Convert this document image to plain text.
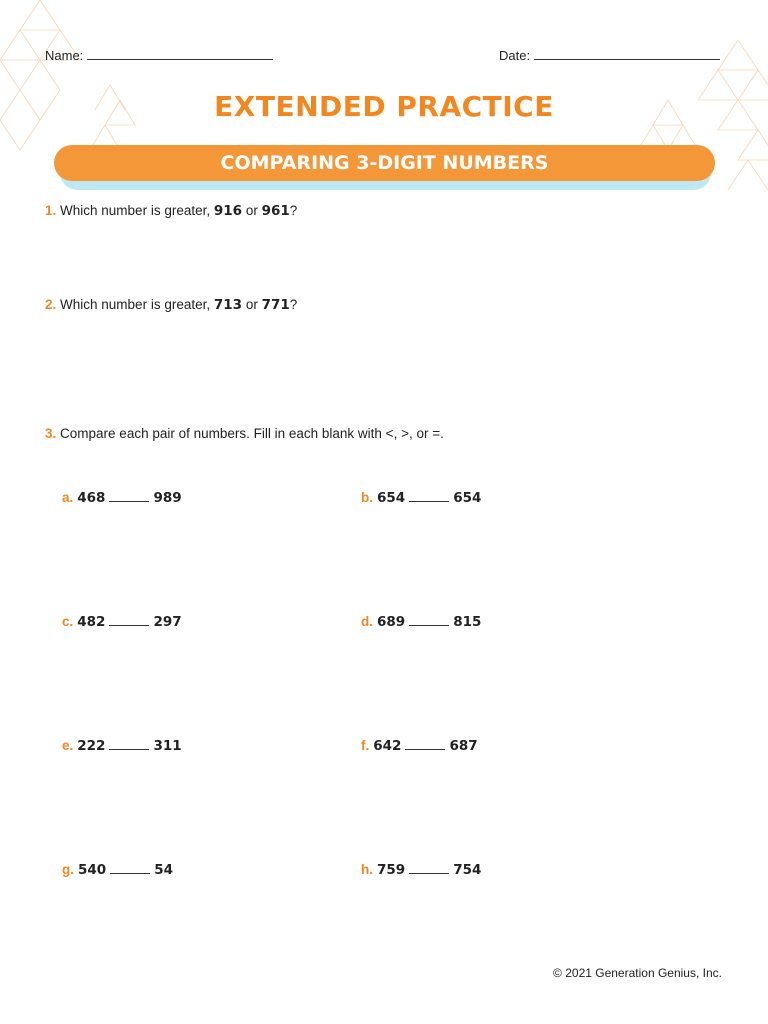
Name:	Date:
EXTENDED PRACTICE
COMPARING 3-DIGIT NUMBERS
1. Which number is greater, 916 or 961?
2. Which number is greater, 713 or 771?
3. Compare each pair of numbers. Fill in each blank with <, >, or =.
a. 468	989	b. 654	654
c. 482	297	d. 689	815
e. 222	311	f. 642	687
g. 540	54	h. 759	754
© 2021 Generation Genius, Inc.
